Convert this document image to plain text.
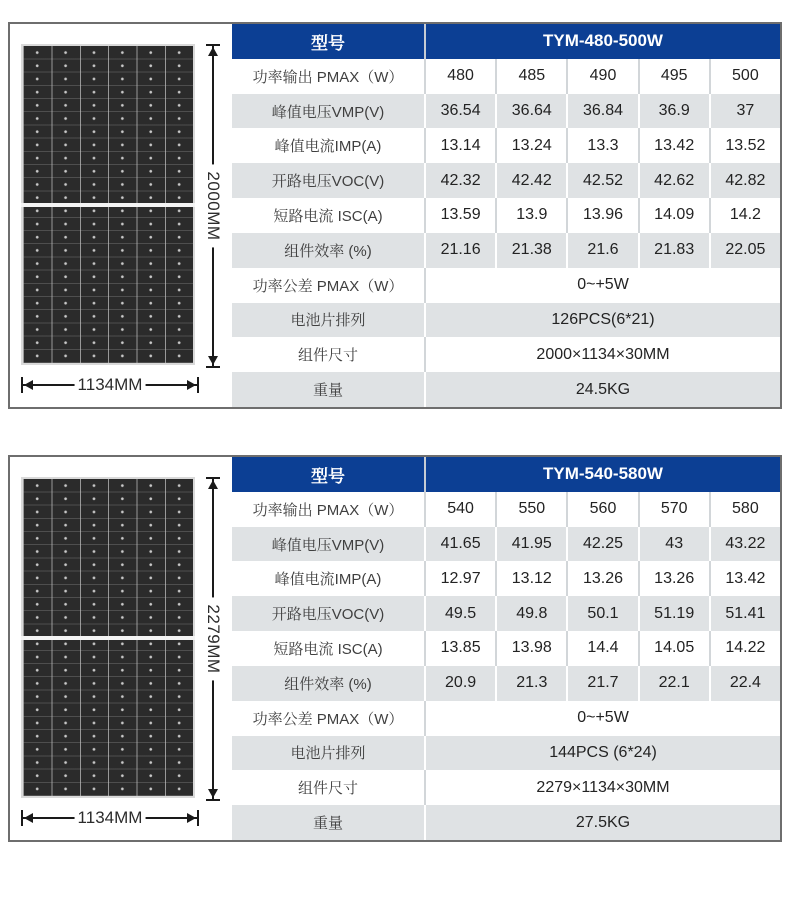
2000MM
1134MM
型号	TYM-480-500W
功率输出 PMAX（W）	480	485	490	495	500
峰值电压VMP(V)	36.54	36.64	36.84	36.9	37
峰值电流IMP(A)	13.14	13.24	13.3	13.42	13.52
开路电压VOC(V)	42.32	42.42	42.52	42.62	42.82
短路电流 ISC(A)	13.59	13.9	13.96	14.09	14.2
组件效率 (%)	21.16	21.38	21.6	21.83	22.05
功率公差 PMAX（W）	0~+5W
电池片排列	126PCS(6*21)
组件尺寸	2000×1134×30MM
重量	24.5KG
2279MM
1134MM
型号	TYM-540-580W
功率输出 PMAX（W）	540	550	560	570	580
峰值电压VMP(V)	41.65	41.95	42.25	43	43.22
峰值电流IMP(A)	12.97	13.12	13.26	13.26	13.42
开路电压VOC(V)	49.5	49.8	50.1	51.19	51.41
短路电流 ISC(A)	13.85	13.98	14.4	14.05	14.22
组件效率 (%)	20.9	21.3	21.7	22.1	22.4
功率公差 PMAX（W）	0~+5W
电池片排列	144PCS (6*24)
组件尺寸	2279×1134×30MM
重量	27.5KG
